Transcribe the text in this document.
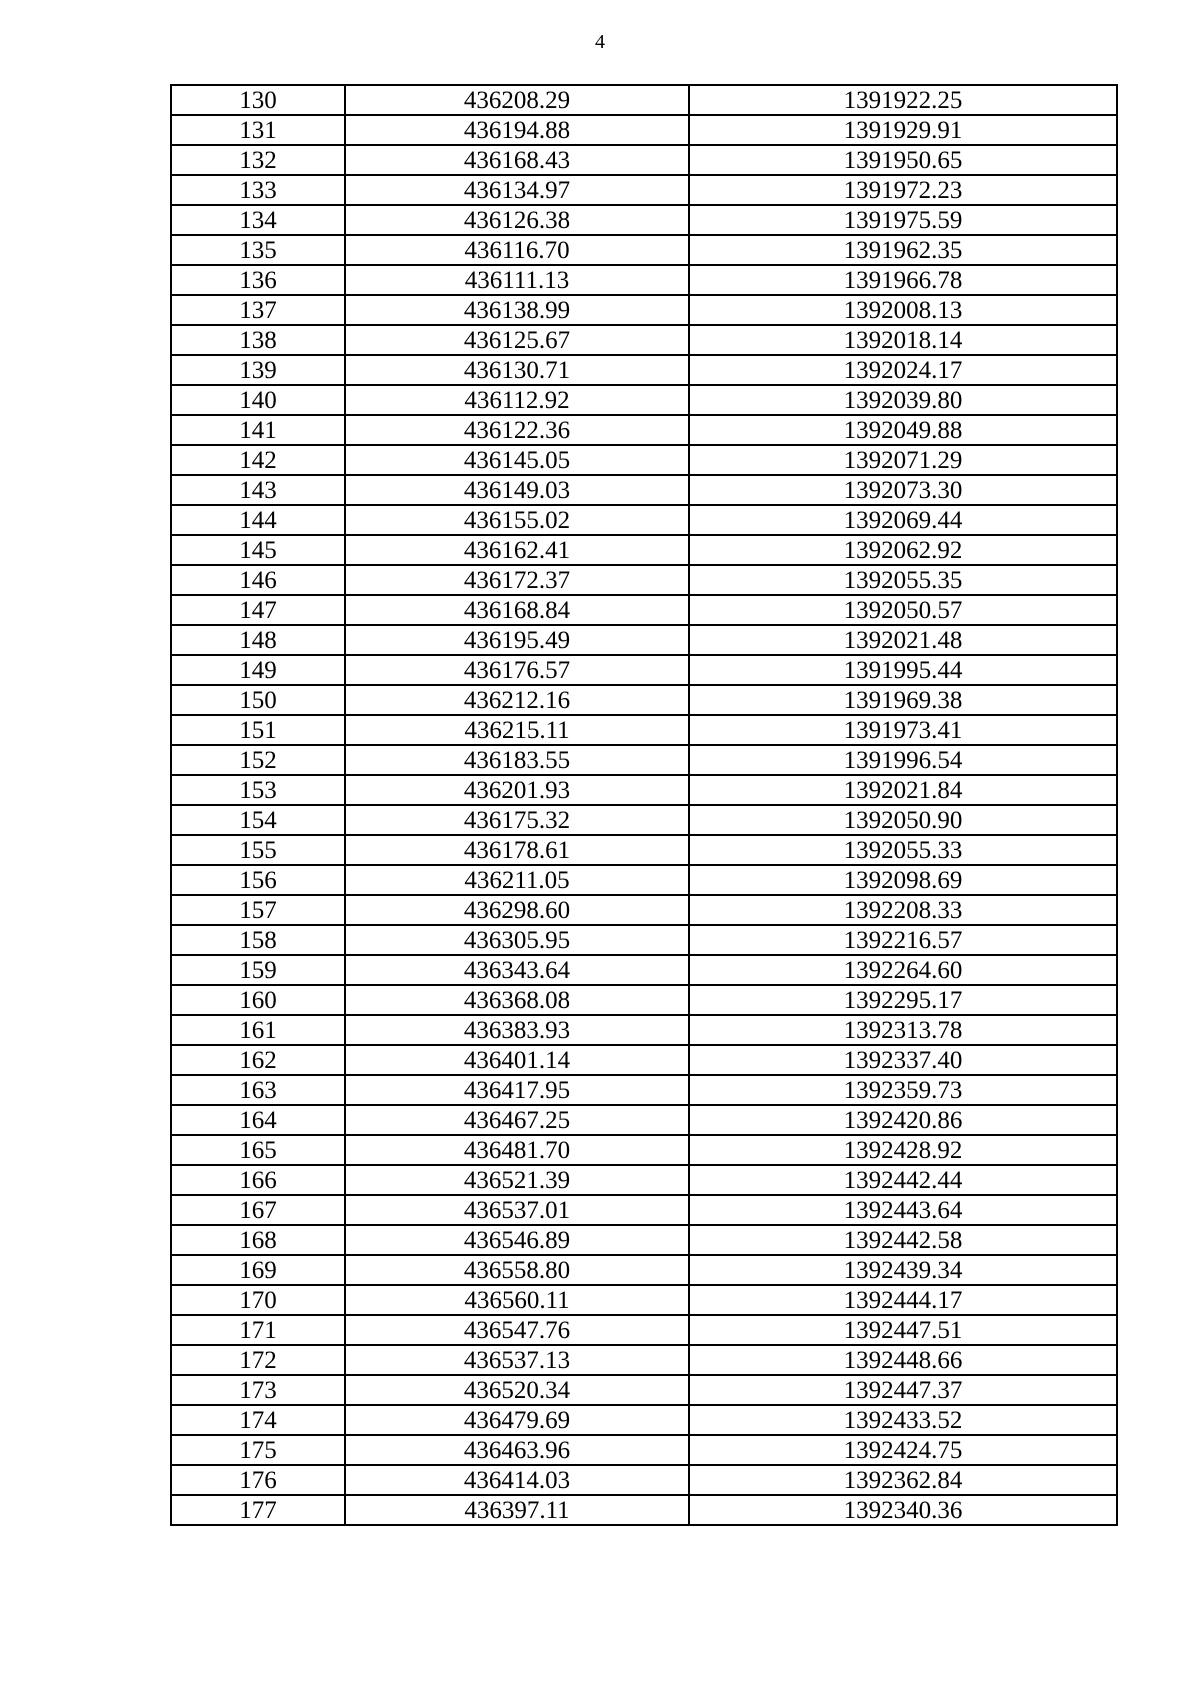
4
130	436208.29	1391922.25
131	436194.88	1391929.91
132	436168.43	1391950.65
133	436134.97	1391972.23
134	436126.38	1391975.59
135	436116.70	1391962.35
136	436111.13	1391966.78
137	436138.99	1392008.13
138	436125.67	1392018.14
139	436130.71	1392024.17
140	436112.92	1392039.80
141	436122.36	1392049.88
142	436145.05	1392071.29
143	436149.03	1392073.30
144	436155.02	1392069.44
145	436162.41	1392062.92
146	436172.37	1392055.35
147	436168.84	1392050.57
148	436195.49	1392021.48
149	436176.57	1391995.44
150	436212.16	1391969.38
151	436215.11	1391973.41
152	436183.55	1391996.54
153	436201.93	1392021.84
154	436175.32	1392050.90
155	436178.61	1392055.33
156	436211.05	1392098.69
157	436298.60	1392208.33
158	436305.95	1392216.57
159	436343.64	1392264.60
160	436368.08	1392295.17
161	436383.93	1392313.78
162	436401.14	1392337.40
163	436417.95	1392359.73
164	436467.25	1392420.86
165	436481.70	1392428.92
166	436521.39	1392442.44
167	436537.01	1392443.64
168	436546.89	1392442.58
169	436558.80	1392439.34
170	436560.11	1392444.17
171	436547.76	1392447.51
172	436537.13	1392448.66
173	436520.34	1392447.37
174	436479.69	1392433.52
175	436463.96	1392424.75
176	436414.03	1392362.84
177	436397.11	1392340.36
